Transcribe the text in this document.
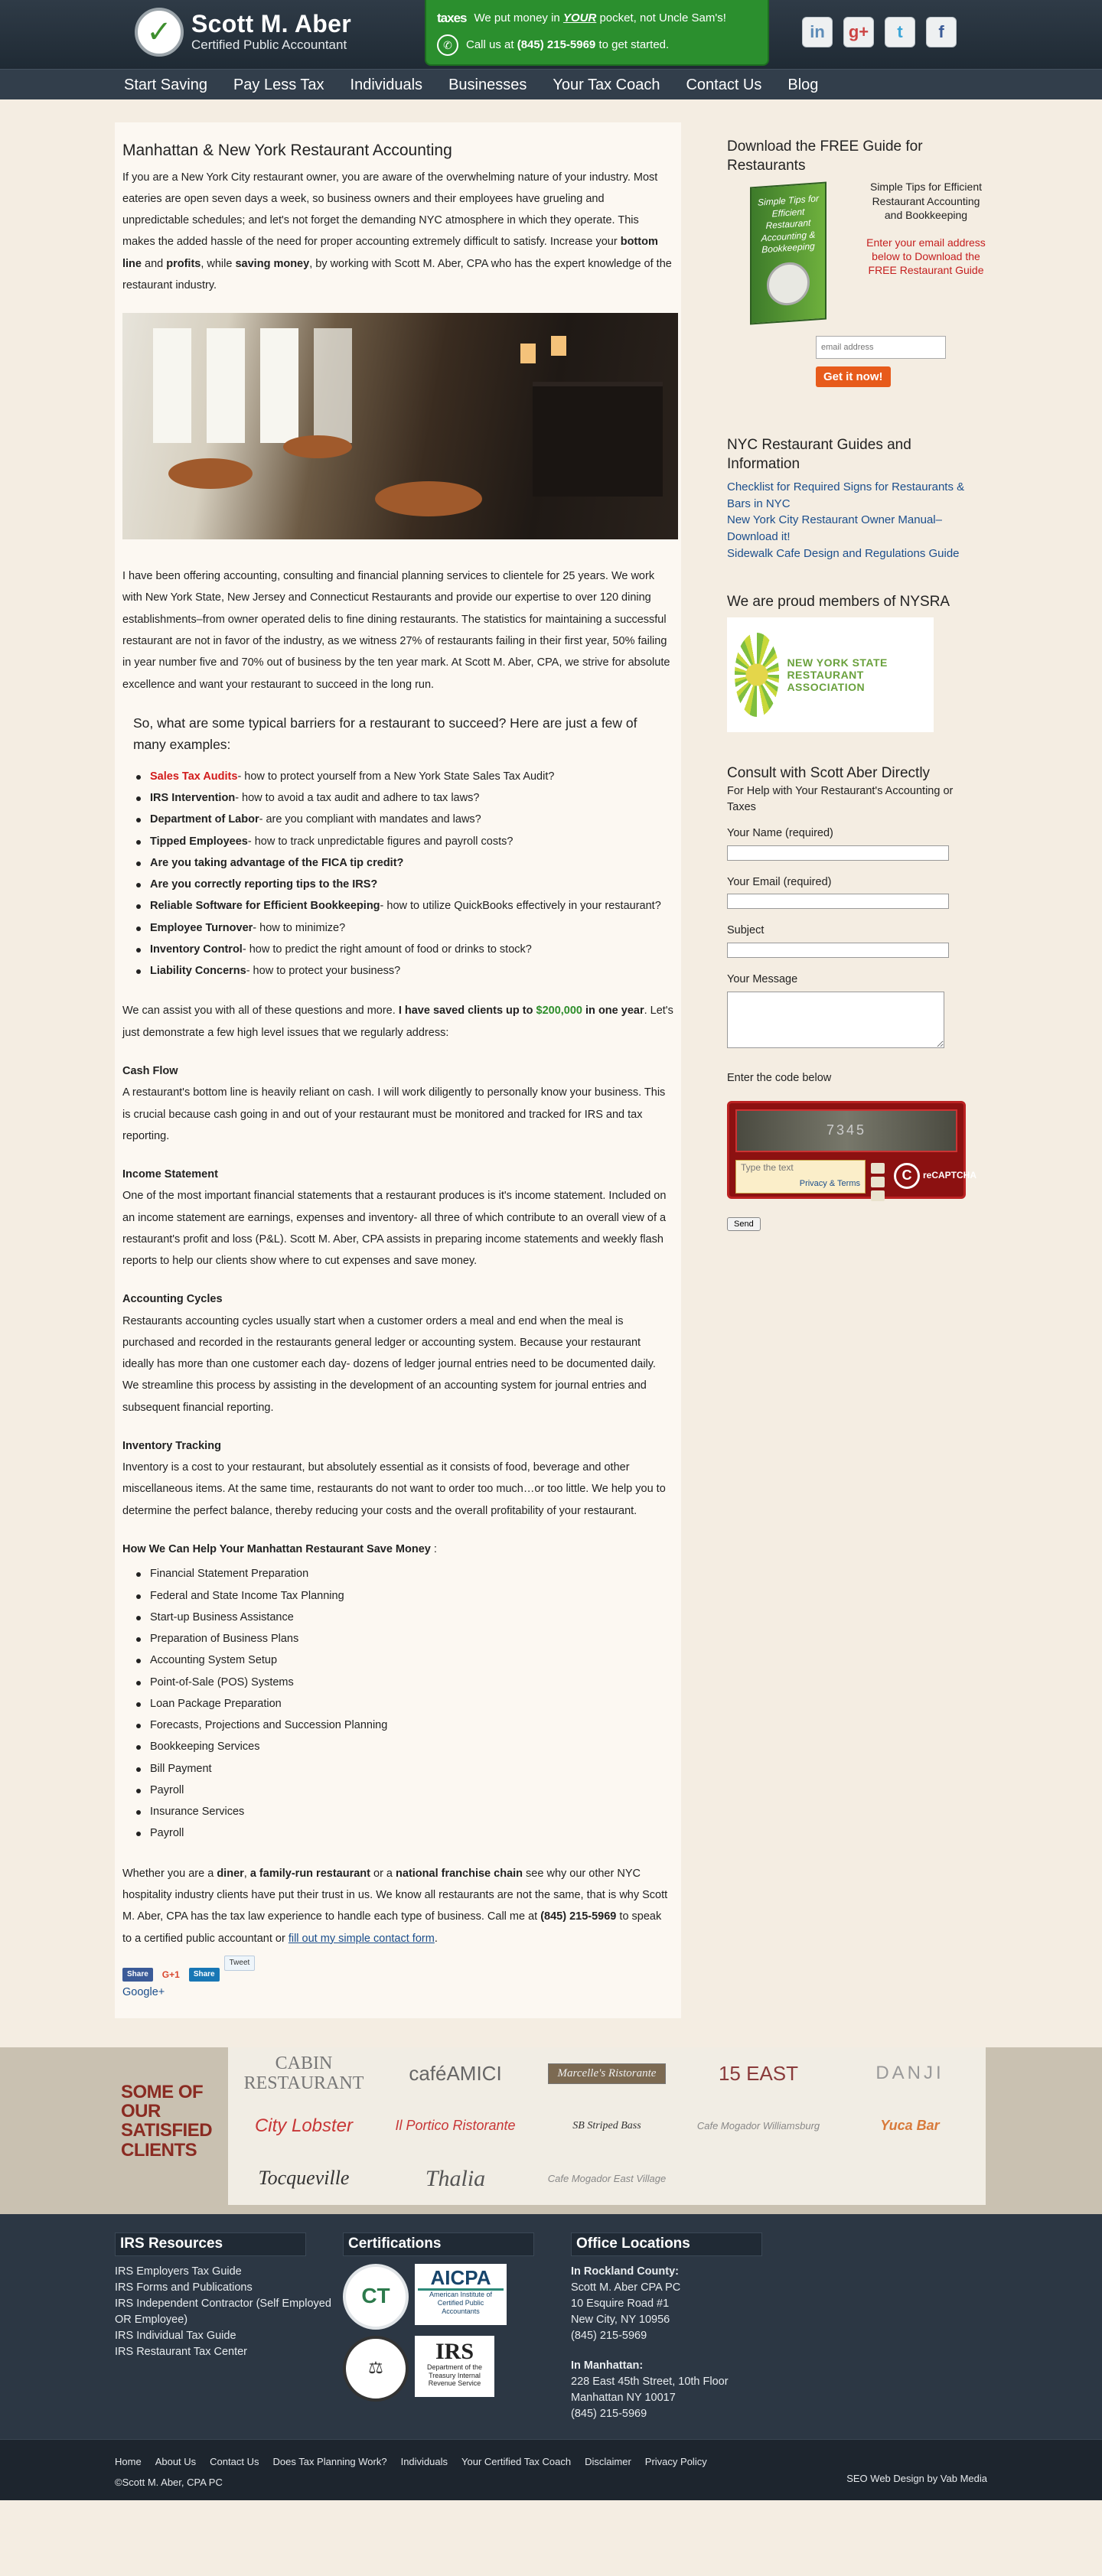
✓ Scott M. Aber
Certified Public Accountant
taxes We put money in YOUR pocket, not Uncle Sam's!
✆	Call us at (845) 215-5969 to get started.
in	g+	t	f
Start Saving Pay Less Tax Individuals Businesses Your Tax Coach Contact Us Blog
Manhattan & New York Restaurant Accounting

If you are a New York City restaurant owner, you are aware of the overwhelming nature of your industry. Most eateries are open seven days a week, so business owners and their employees have grueling and unpredictable schedules; and let's not forget the demanding NYC atmosphere in which they operate. This makes the added hassle of the need for proper accounting extremely difficult to satisfy. Increase your bottom line and profits, while saving money, by working with Scott M. Aber, CPA who has the expert knowledge of the restaurant industry.

I have been offering accounting, consulting and financial planning services to clientele for 25 years. We work with New York State, New Jersey and Connecticut Restaurants and provide our expertise to over 120 dining establishments–from owner operated delis to fine dining restaurants. The statistics for maintaining a successful restaurant are not in favor of the industry, as we witness 27% of restaurants failing in their first year, 50% failing in year number five and 70% out of business by the ten year mark. At Scott M. Aber, CPA, we strive for absolute excellence and want your restaurant to succeed in the long run.

So, what are some typical barriers for a restaurant to succeed? Here are just a few of many examples:
Sales Tax Audits- how to protect yourself from a New York State Sales Tax Audit?
IRS Intervention- how to avoid a tax audit and adhere to tax laws?
Department of Labor- are you compliant with mandates and laws?
Tipped Employees- how to track unpredictable figures and payroll costs?
Are you taking advantage of the FICA tip credit?
Are you correctly reporting tips to the IRS?
Reliable Software for Efficient Bookkeeping- how to utilize QuickBooks effectively in your restaurant?
Employee Turnover- how to minimize?
Inventory Control- how to predict the right amount of food or drinks to stock?
Liability Concerns- how to protect your business?

We can assist you with all of these questions and more. I have saved clients up to $200,000 in one year. Let's just demonstrate a few high level issues that we regularly address:

Cash Flow

A restaurant's bottom line is heavily reliant on cash. I will work diligently to personally know your business. This is crucial because cash going in and out of your restaurant must be monitored and tracked for IRS and tax reporting.

Income Statement

One of the most important financial statements that a restaurant produces is it's income statement. Included on an income statement are earnings, expenses and inventory- all three of which contribute to an overall view of a restaurant's profit and loss (P&L). Scott M. Aber, CPA assists in preparing income statements and weekly flash reports to help our clients show where to cut expenses and save money.

Accounting Cycles

Restaurants accounting cycles usually start when a customer orders a meal and end when the meal is purchased and recorded in the restaurants general ledger or accounting system. Because your restaurant ideally has more than one customer each day- dozens of ledger journal entries need to be documented daily. We streamline this process by assisting in the development of an accounting system for journal entries and subsequent financial reporting.

Inventory Tracking

Inventory is a cost to your restaurant, but absolutely essential as it consists of food, beverage and other miscellaneous items. At the same time, restaurants do not want to order too much…or too little. We help you to determine the perfect balance, thereby reducing your costs and the overall profitability of your restaurant.

How We Can Help Your Manhattan Restaurant Save Money :

Financial Statement Preparation
Federal and State Income Tax Planning
Start-up Business Assistance
Preparation of Business Plans
Accounting System Setup
Point-of-Sale (POS) Systems
Loan Package Preparation
Forecasts, Projections and Succession Planning
Bookkeeping Services
Bill Payment
Payroll
Insurance Services
Payroll

Whether you are a diner, a family-run restaurant or a national franchise chain see why our other NYC hospitality industry clients have put their trust in us. We know all restaurants are not the same, that is why Scott M. Aber, CPA has the tax law experience to handle each type of business. Call me at (845) 215-5969 to speak to a certified public accountant or fill out my simple contact form.

Share	G+1	Share
Tweet
Google+
Download the FREE Guide for Restaurants
Simple Tips for Efficient Restaurant Accounting & Bookkeeping
Simple Tips for Efficient Restaurant Accounting and Bookkeeping
Enter your email address below to Download the FREE Restaurant Guide
email address
Get it now!
NYC Restaurant Guides and Information
Checklist for Required Signs for Restaurants & Bars in NYC
New York City Restaurant Owner Manual–Download it!
Sidewalk Cafe Design and Regulations Guide
We are proud members of NYSRA
NEW YORK STATE RESTAURANT ASSOCIATION
Consult with Scott Aber Directly
For Help with Your Restaurant's Accounting or Taxes
Your Name (required)
Your Email (required)
Subject
Your Message
Enter the code below
7345
Type the text
Privacy & Terms
C	reCAPTCHA
Send
SOME OF OUR SATISFIED CLIENTS
CABIN RESTAURANT	caféAMICI	Marcelle's Ristorante	15 EAST	DANJI
City Lobster	Il Portico Ristorante	SB Striped Bass	Cafe Mogador Williamsburg	Yuca Bar
Tocqueville	Thalia	Cafe Mogador East Village
IRS Resources
IRS Employers Tax Guide
IRS Forms and Publications
IRS Independent Contractor (Self Employed OR Employee)
IRS Individual Tax Guide
IRS Restaurant Tax Center
Certifications
CT
AICPA
American Institute of Certified Public Accountants
⚖
IRS
Department of the Treasury Internal Revenue Service
Office Locations
In Rockland County:
Scott M. Aber CPA PC
10 Esquire Road #1
New City, NY 10956
(845) 215-5969
In Manhattan:
228 East 45th Street, 10th Floor
Manhattan NY 10017
(845) 215-5969
Home About Us Contact Us Does Tax Planning Work? Individuals Your Certified Tax Coach Disclaimer Privacy Policy
©Scott M. Aber, CPA PC	SEO Web Design by Vab Media
